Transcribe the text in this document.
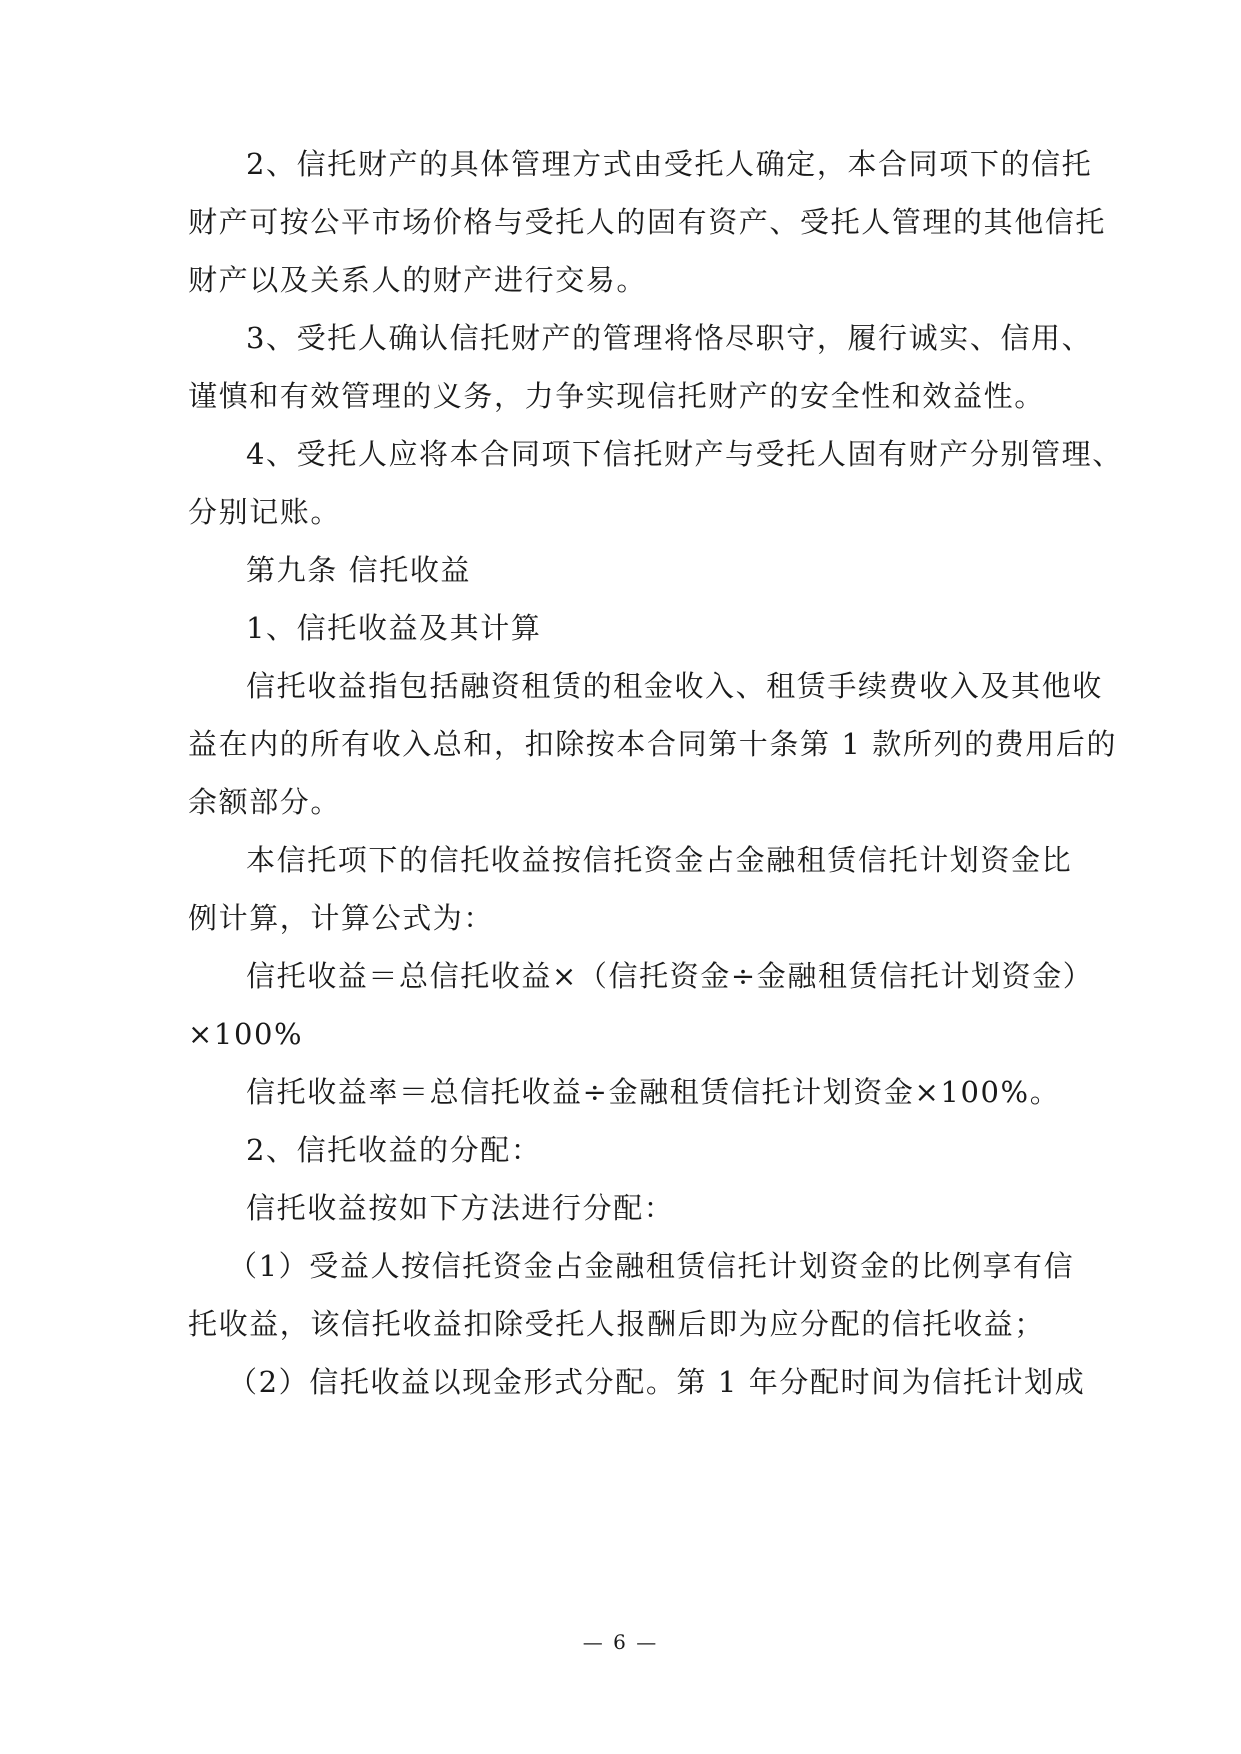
2、信托财产的具体管理方式由受托人确定，本合同项下的信托
财产可按公平市场价格与受托人的固有资产、受托人管理的其他信托
财产以及关系人的财产进行交易。
3、受托人确认信托财产的管理将恪尽职守，履行诚实、信用、
谨慎和有效管理的义务，力争实现信托财产的安全性和效益性。
4、受托人应将本合同项下信托财产与受托人固有财产分别管理、
分别记账。
第九条 信托收益
1、信托收益及其计算
信托收益指包括融资租赁的租金收入、租赁手续费收入及其他收
益在内的所有收入总和，扣除按本合同第十条第 1 款所列的费用后的
余额部分。
本信托项下的信托收益按信托资金占金融租赁信托计划资金比
例计算，计算公式为：
信托收益＝总信托收益×（信托资金÷金融租赁信托计划资金）
×100%
信托收益率＝总信托收益÷金融租赁信托计划资金×100%。
2、信托收益的分配：
信托收益按如下方法进行分配：
（1）受益人按信托资金占金融租赁信托计划资金的比例享有信
托收益，该信托收益扣除受托人报酬后即为应分配的信托收益；
（2）信托收益以现金形式分配。第 1 年分配时间为信托计划成
— 6 —
